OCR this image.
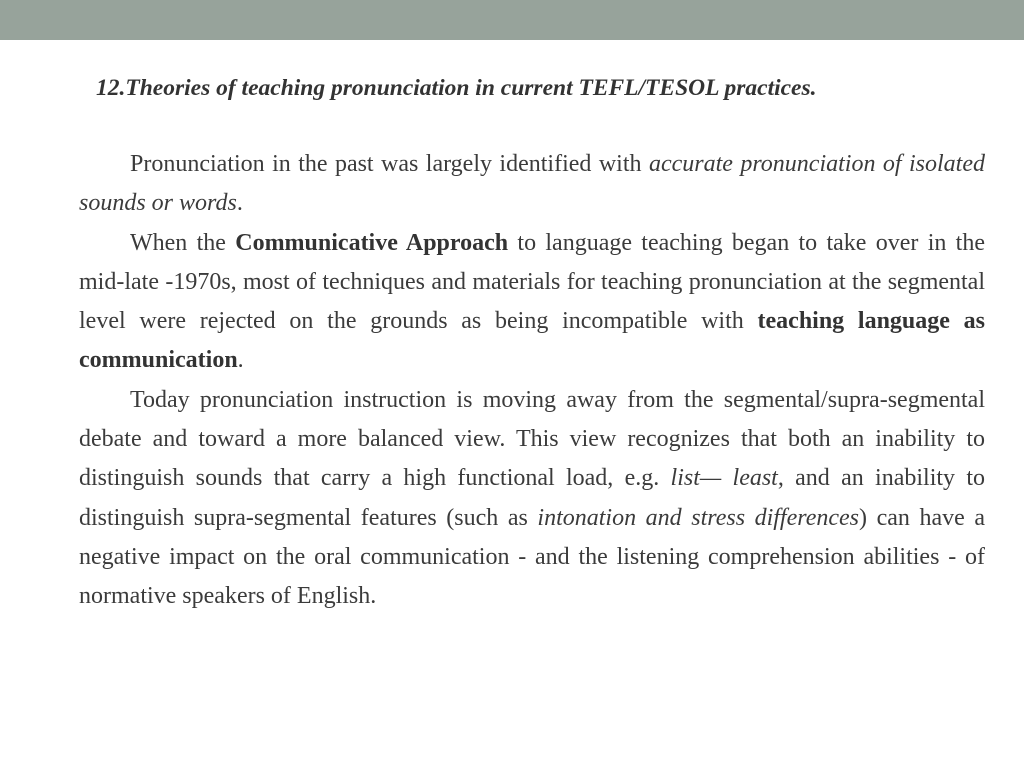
12.Theories of teaching pronunciation in current TEFL/TESOL practices.

Pronunciation in the past was largely identified with accurate pronunciation of isolated sounds or words.

When the Communicative Approach to language teaching began to take over in the mid-late -1970s, most of techniques and materials for teaching pronunciation at the segmental level were rejected on the grounds as being incompatible with teaching language as communication.

Today pronunciation instruction is moving away from the segmental/supra-segmental debate and toward a more balanced view. This view recognizes that both an inability to distinguish sounds that carry a high functional load, e.g. list— least, and an inability to distinguish supra-segmental features (such as intonation and stress differences) can have a negative impact on the oral communication - and the listening comprehension abilities - of normative speakers of English.
